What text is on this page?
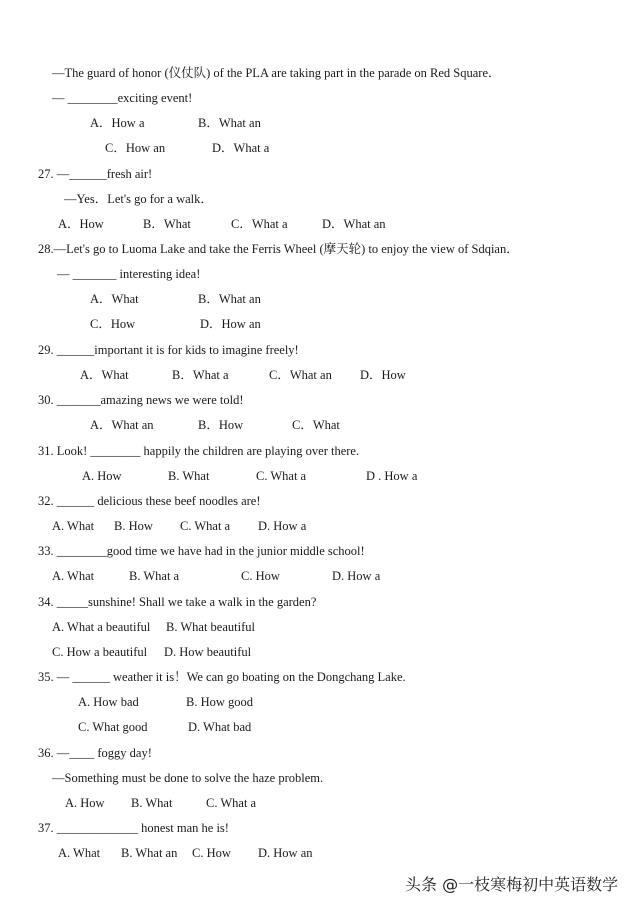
—The guard of honor (仪仗队) of the PLA are taking part in the parade on Red Square．
— ________exciting event!
A．How a	B．What an
C．How an	D．What a
27. —______fresh air!
—Yes．Let's go for a walk．
A．How	B．What	C．What a	D．What an
28.—Let's go to Luoma Lake and take the Ferris Wheel (摩天轮) to enjoy the view of Sdqian．
— _______ interesting idea!
A．What	B．What an
C．How	D．How an
29. ______important it is for kids to imagine freely!
A．What	B．What a	C．What an D．How
30. _______amazing news we were told!
A．What an	B．How	C．What
31. Look! ________ happily the children are playing over there.
A. How	B. What	C. What a	D . How a
32. ______ delicious these beef noodles are!
A. What B. How C. What a D. How a
33. ________good time we have had in the junior middle school!
A. What	B. What a	C. How	D. How a
34. _____sunshine! Shall we take a walk in the garden?
A. What a beautiful B. What beautiful
C. How a beautiful D. How beautiful
35. — ______ weather it is！We can go boating on the Dongchang Lake.
A. How bad	B. How good
C. What good	D. What bad
36. —____ foggy day!
—Something must be done to solve the haze problem.
A. How B. What	C. What a
37. _____________ honest man he is!
A. What B. What an C. How D. How an
头条 @一枝寒梅初中英语数学
